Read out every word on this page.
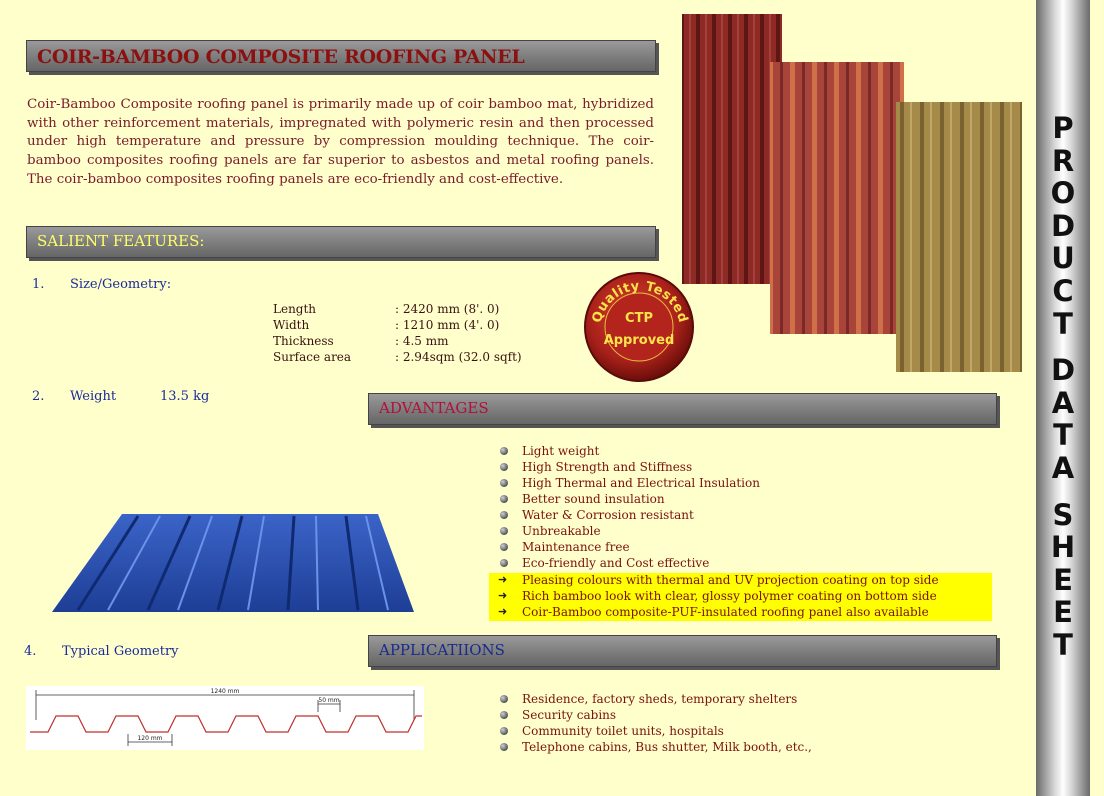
COIR-BAMBOO COMPOSITE ROOFING PANEL
Coir-Bamboo Composite roofing panel is primarily made up of coir bamboo mat, hybridized with other reinforcement materials, impregnated with polymeric resin and then processed under high temperature and pressure by compression moulding technique. The coir-bamboo composites roofing panels are far superior to asbestos and metal roofing panels. The coir-bamboo composites roofing panels are eco-friendly and cost-effective.
SALIENT FEATURES:
1. Size/Geometry:
Length	: 2420 mm (8'. 0)
Width	: 1210 mm (4'. 0)
Thickness	: 4.5 mm
Surface area	: 2.94sqm (32.0 sqft)
2. Weight	13.5 kg
Quality Tested
CTP
Approved
ADVANTAGES
Light weight
High Strength and Stiffness
High Thermal and Electrical Insulation
Better sound insulation
Water & Corrosion resistant
Unbreakable
Maintenance free
Eco-friendly and Cost effective
➜ Pleasing colours with thermal and UV projection coating on top side
➜ Rich bamboo look with clear, glossy polymer coating on bottom side
➜ Coir-Bamboo composite-PUF-insulated roofing panel also available
4. Typical Geometry	APPLICATIIONS
Residence, factory sheds, temporary shelters
Security cabins
Community toilet units, hospitals
Telephone cabins, Bus shutter, Milk booth, etc.,
1240 mm
50 mm
120 mm
P
R
O
D
U
C
T

D
A
T
A

S
H
E
E
T
